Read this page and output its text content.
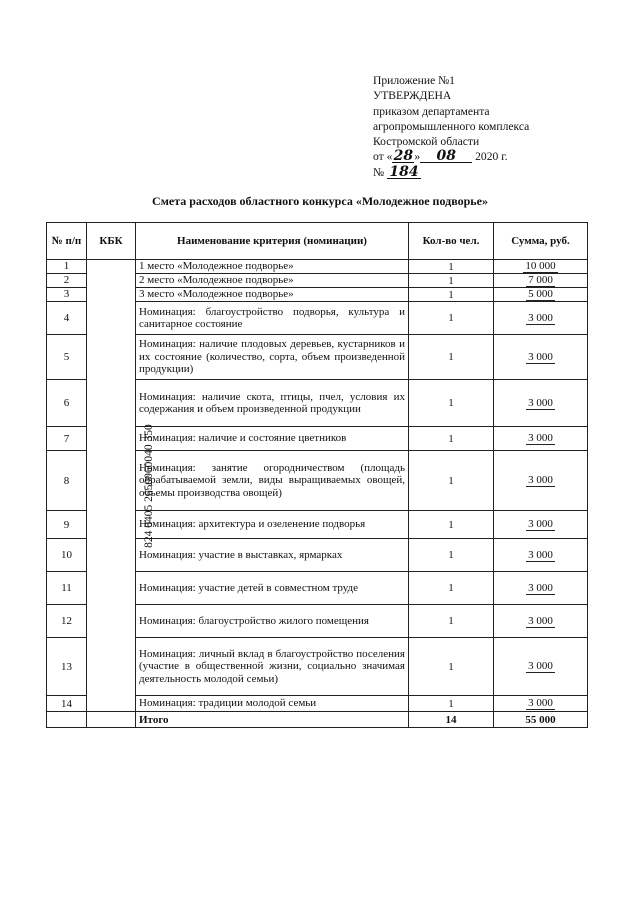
Приложение №1
УТВЕРЖДЕНА
приказом департамента
агропромышленного комплекса
Костромской области
от «28» 08 2020 г.
№ 184
Смета расходов областного конкурса «Молодежное подворье»
№ п/п	КБК	Наименование критерия (номинации)	Кол-во чел.	Сумма, руб.
1	824 0405 265006004​0 350	1 место «Молодежное подворье»	1	10 000
2		2 место «Молодежное подворье»	1	7 000
3		3 место «Молодежное подворье»	1	5 000
4		Номинация: благоустройство подворья, культура и санитарное состояние	1	3 000
5		Номинация: наличие плодовых деревьев, кустарников и их состояние (количество, сорта, объем произведенной продукции)	1	3 000
6		Номинация: наличие скота, птицы, пчел, условия их содержания и объем произведенной продукции	1	3 000
7		Номинация: наличие и состояние цветников	1	3 000
8		Номинация: занятие огородничеством (площадь обрабатываемой земли, виды выращиваемых овощей, объемы производства овощей)	1	3 000
9		Номинация: архитектура и озеленение подворья	1	3 000
10		Номинация: участие в выставках, ярмарках	1	3 000
11		Номинация: участие детей в совместном труде	1	3 000
12		Номинация: благоустройство жилого помещения	1	3 000
13		Номинация: личный вклад в благоустройство поселения (участие в общественной жизни, социально значимая деятельность молодой семьи)	1	3 000
14		Номинация: традиции молодой семьи	1	3 000
		Итого	14	55 000
